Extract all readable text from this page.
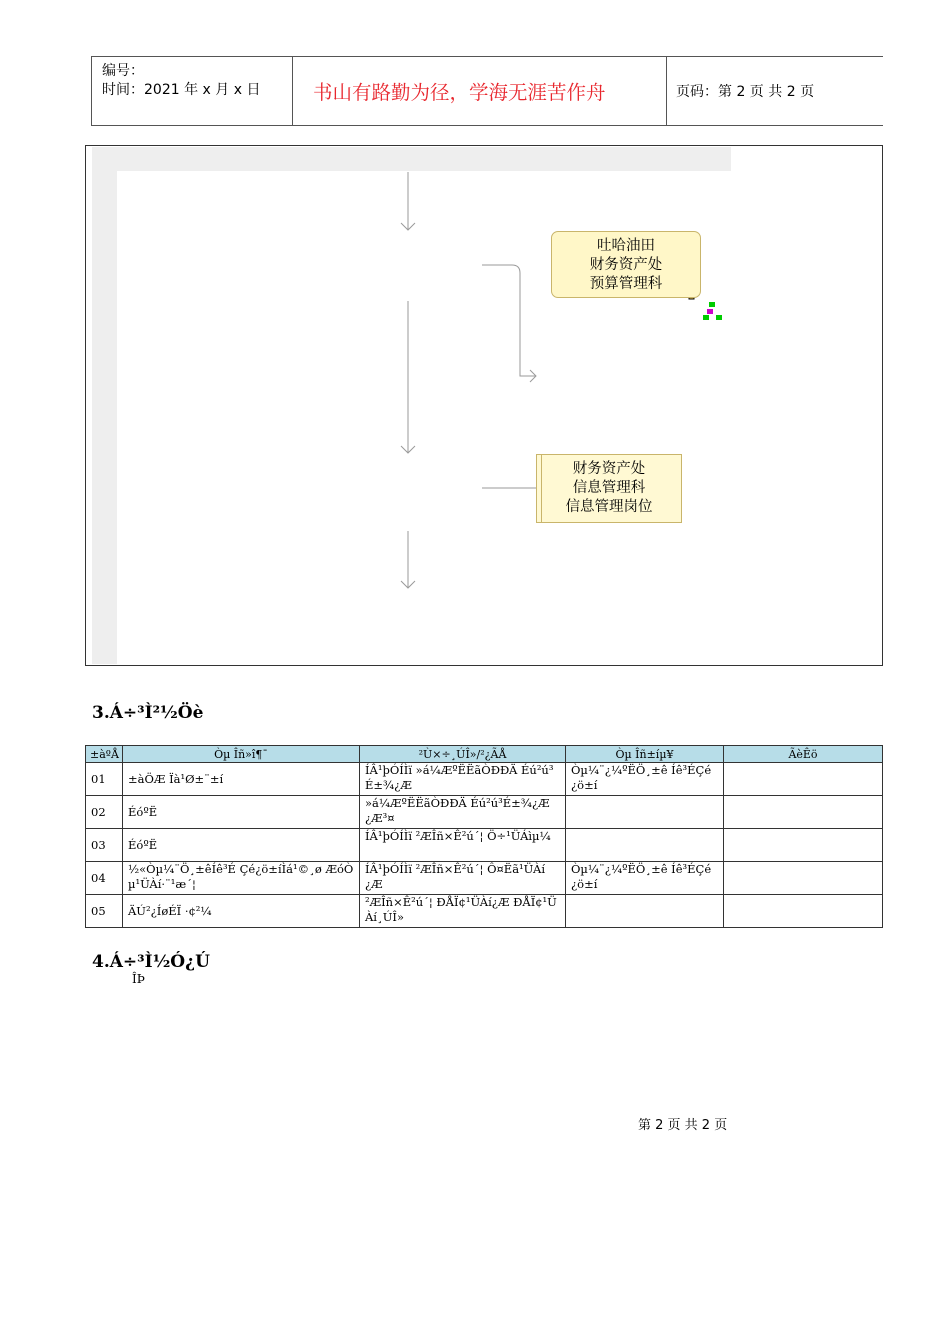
编号：
时间：2021 年 x 月 x 日	书山有路勤为径，学海无涯苦作舟	页码：第 2 页 共 2 页
吐哈油田
财务资产处
预算管理科
财务资产处
信息管理科
信息管理岗位
3.Á÷³Ì²½Öè
±àºÅ	Òµ Îñ»î¶¯	²Ù×÷¸ÚÎ»/²¿ÃÅ	Òµ Îñ±íµ¥	ÃèÊö
01	±àÖÆ Ïà¹Ø±¨±í	ÍÂ¹þÓÍÌï »á¼ÆºËËãÒÐÐÄ Éú²ú³É±¾¿Æ	Òµ¼¨¿¼ºËÖ¸±ê Íê³ÉÇé¿ö±í	
02	ÉóºË	»á¼ÆºËËãÒÐÐÄ Éú²ú³É±¾¿Æ ¿Æ³¤		
03	ÉóºË	ÍÂ¹þÓÍÌï ²ÆÎñ×Ê²ú´¦ Ö÷¹ÜÁìµ¼		
04	½«Òµ¼¨Ö¸±êÍê³É Çé¿ö±íÌá¹©¸ø ÆóÒµ¹ÜÀí·¨¹æ´¦	ÍÂ¹þÓÍÌï ²ÆÎñ×Ê²ú´¦ Ô¤Ëã¹ÜÀí¿Æ	Òµ¼¨¿¼ºËÖ¸±ê Íê³ÉÇé¿ö±í	
05	ÄÚ²¿ÍøÉÏ ·¢²¼	²ÆÎñ×Ê²ú´¦ ÐÅÏ¢¹ÜÀí¿Æ ÐÅÏ¢¹ÜÀí¸ÚÎ»		
4.Á÷³Ì½Ó¿Ú
ÎÞ
第 2 页 共 2 页
